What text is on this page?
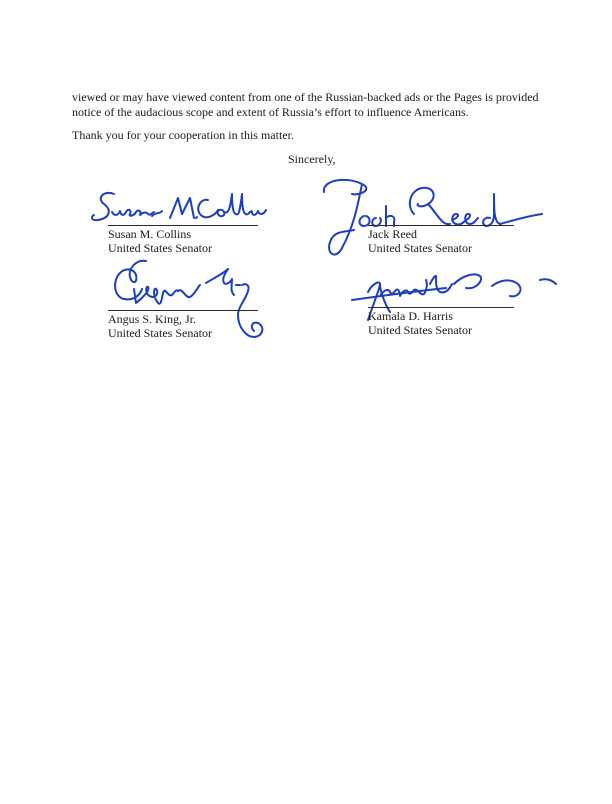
viewed or may have viewed content from one of the Russian-backed ads or the Pages is provided notice of the audacious scope and extent of Russia’s effort to influence Americans.

Thank you for your cooperation in this matter.

Sincerely,

Susan M. Collins
United States Senator
Jack Reed
United States Senator
Angus S. King, Jr.
United States Senator
Kamala D. Harris
United States Senator
